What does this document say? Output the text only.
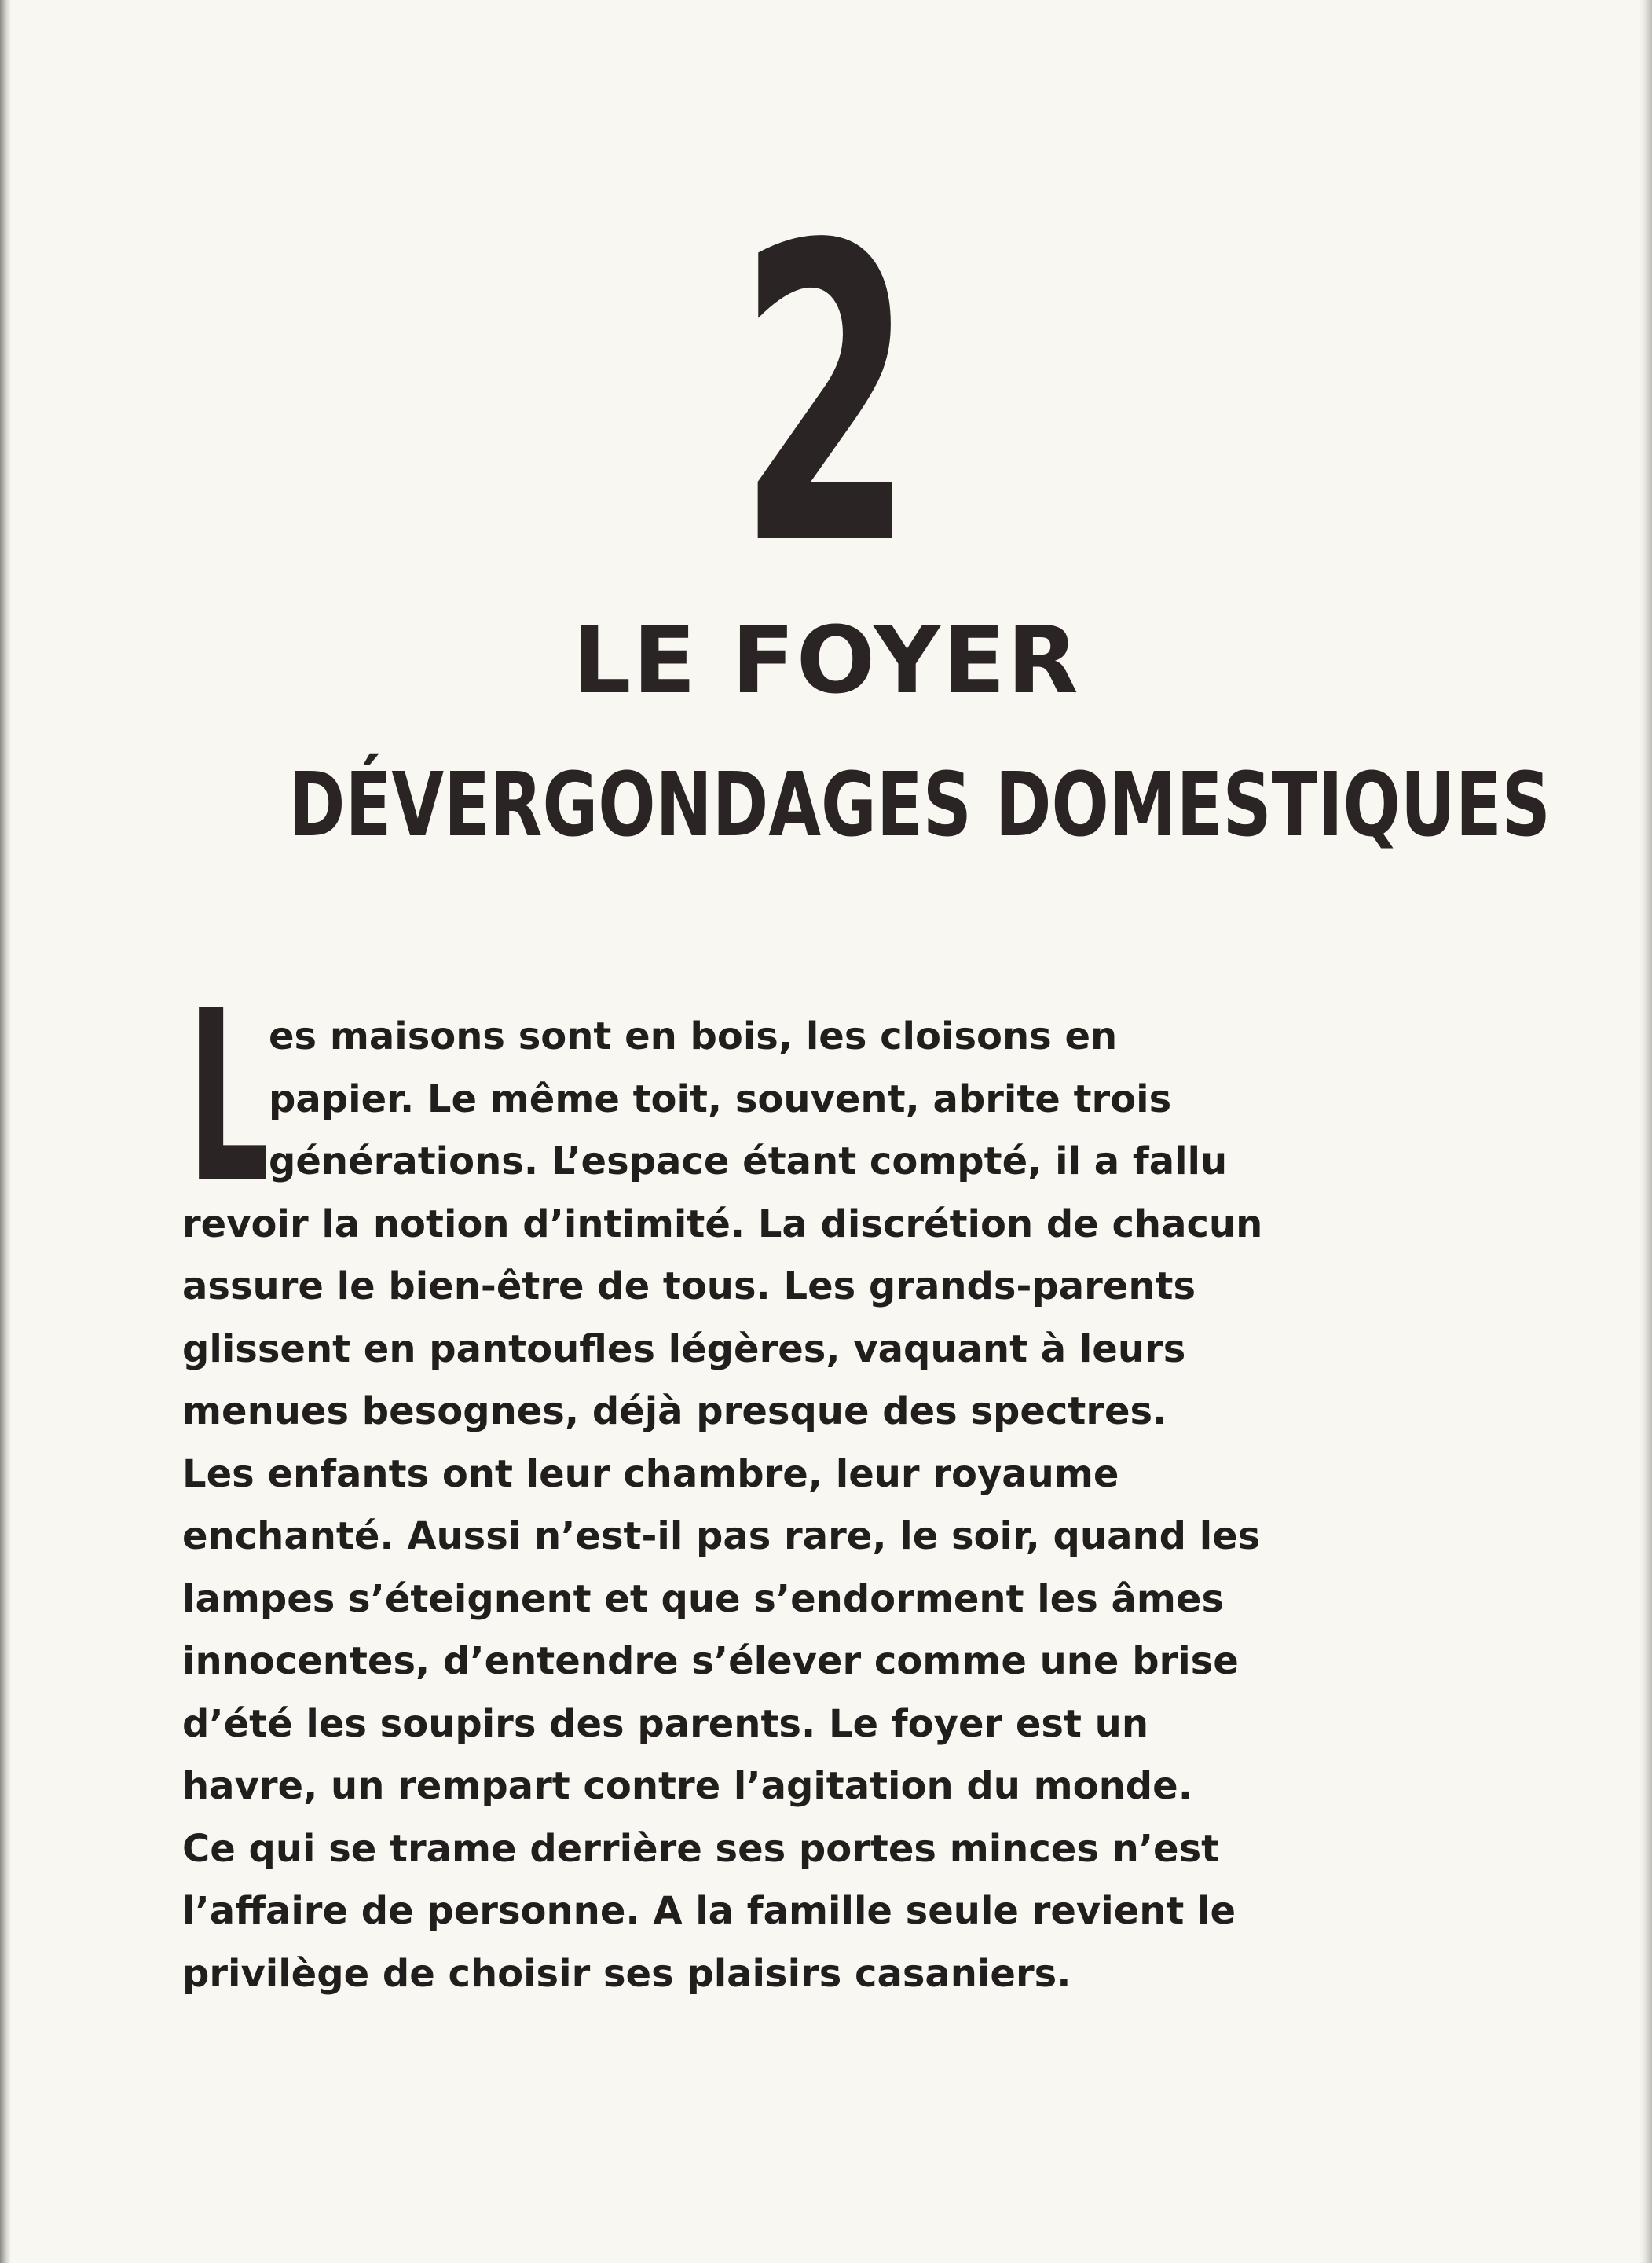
2
LE FOYER
DÉVERGONDAGES DOMESTIQUES
L
es maisons sont en bois, les cloisons en
papier. Le même toit, souvent, abrite trois
générations. L’espace étant compté, il a fallu
revoir la notion d’intimité. La discrétion de chacun
assure le bien-être de tous. Les grands-parents
glissent en pantoufles légères, vaquant à leurs
menues besognes, déjà presque des spectres.
Les enfants ont leur chambre, leur royaume
enchanté. Aussi n’est-il pas rare, le soir, quand les
lampes s’éteignent et que s’endorment les âmes
innocentes, d’entendre s’élever comme une brise
d’été les soupirs des parents. Le foyer est un
havre, un rempart contre l’agitation du monde.
Ce qui se trame derrière ses portes minces n’est
l’affaire de personne. A la famille seule revient le
privilège de choisir ses plaisirs casaniers.
